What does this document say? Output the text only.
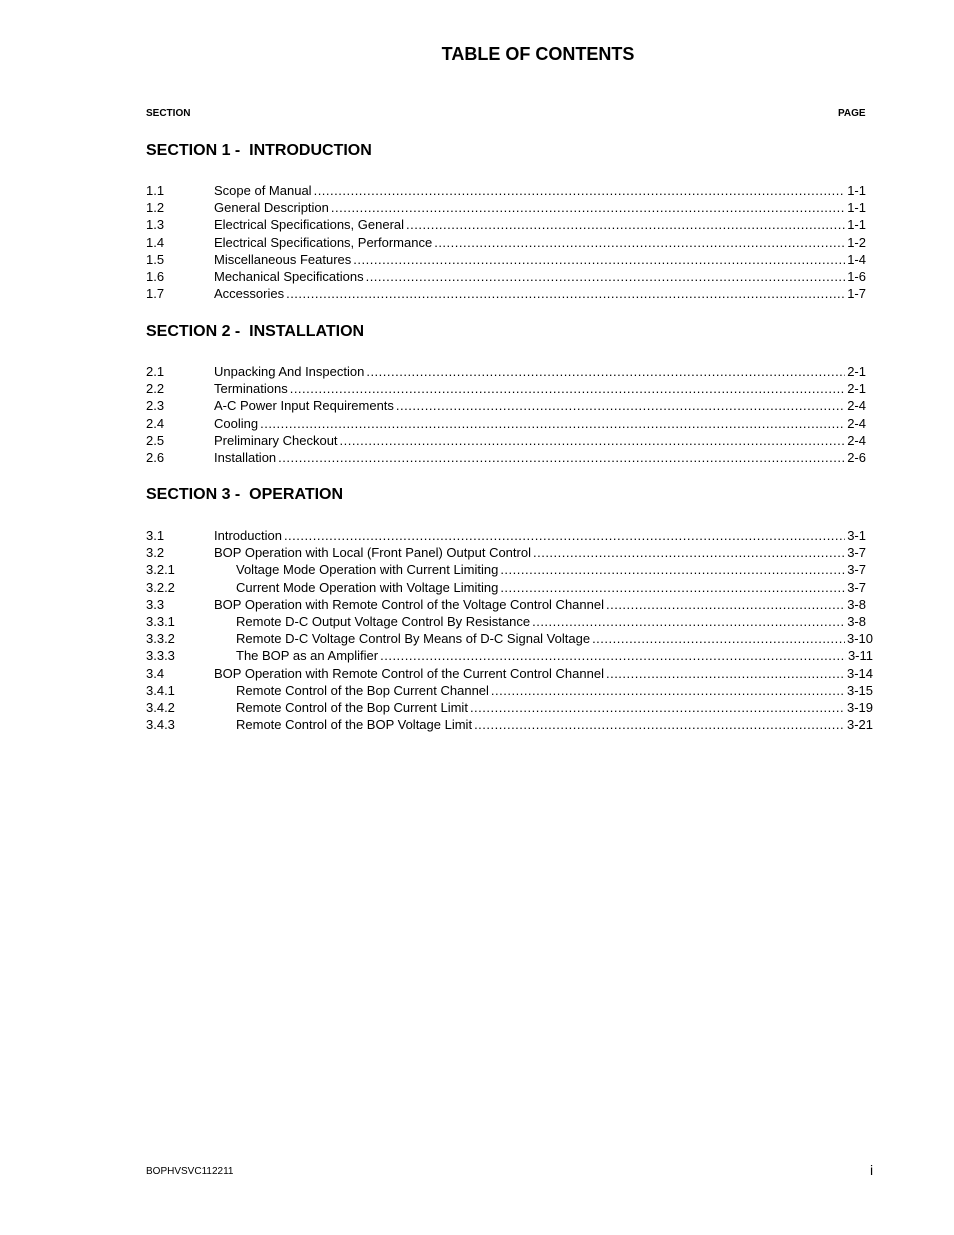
TABLE OF CONTENTS
SECTION	PAGE
SECTION 1 -  INTRODUCTION
1.1	Scope of Manual .....	1-1
1.2	General Description .....	1-1
1.3	Electrical Specifications, General .....	1-1
1.4	Electrical Specifications, Performance .....	1-2
1.5	Miscellaneous Features .....	1-4
1.6	Mechanical Specifications .....	1-6
1.7	Accessories .....	1-7
SECTION 2 -  INSTALLATION
2.1	Unpacking And Inspection .....	2-1
2.2	Terminations .....	2-1
2.3	A-C Power Input Requirements .....	2-4
2.4	Cooling .....	2-4
2.5	Preliminary Checkout .....	2-4
2.6	Installation .....	2-6
SECTION 3 -  OPERATION
3.1	Introduction .....	3-1
3.2	BOP Operation with Local (Front Panel) Output Control .....	3-7
3.2.1	Voltage Mode Operation with Current Limiting .....	3-7
3.2.2	Current Mode Operation with Voltage Limiting .....	3-7
3.3	BOP Operation with Remote Control of the Voltage Control Channel .....	3-8
3.3.1	Remote D-C Output Voltage Control By Resistance .....	3-8
3.3.2	Remote D-C Voltage Control By Means of D-C Signal Voltage .....	3-10
3.3.3	The BOP as an Amplifier .....	3-11
3.4	BOP Operation with Remote Control of the Current Control Channel .....	3-14
3.4.1	Remote Control of the Bop Current Channel .....	3-15
3.4.2	Remote Control of the Bop Current Limit .....	3-19
3.4.3	Remote Control of the BOP Voltage Limit .....	3-21
BOPHVSVC112211	i
